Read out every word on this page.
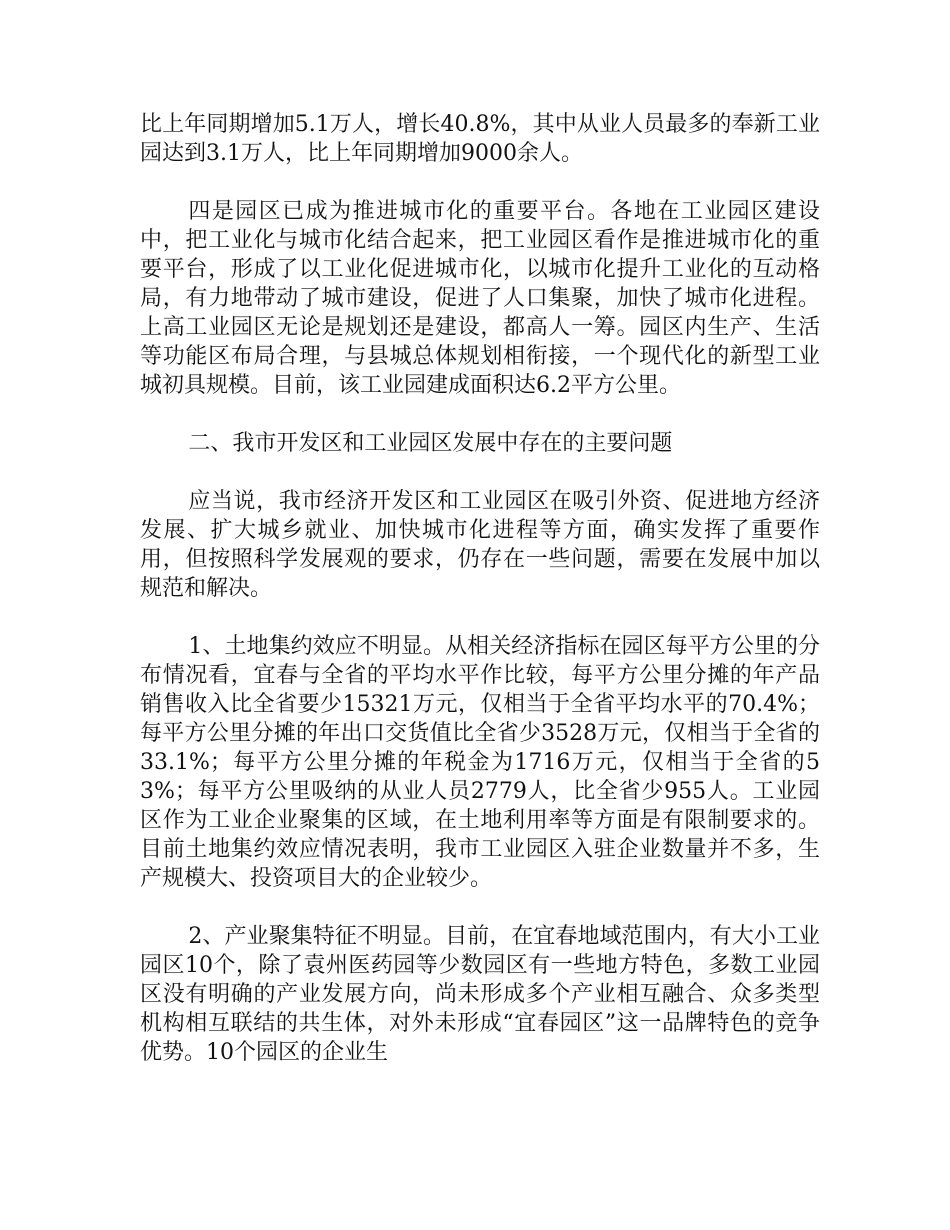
比上年同期增加5.1万人，增长40.8%，其中从业人员最多的奉新工业园达到3.1万人，比上年同期增加9000余人。

四是园区已成为推进城市化的重要平台。各地在工业园区建设中，把工业化与城市化结合起来，把工业园区看作是推进城市化的重要平台，形成了以工业化促进城市化，以城市化提升工业化的互动格局，有力地带动了城市建设，促进了人口集聚，加快了城市化进程。上高工业园区无论是规划还是建设，都高人一筹。园区内生产、生活等功能区布局合理，与县城总体规划相衔接，一个现代化的新型工业城初具规模。目前，该工业园建成面积达6.2平方公里。

二、我市开发区和工业园区发展中存在的主要问题

应当说，我市经济开发区和工业园区在吸引外资、促进地方经济发展、扩大城乡就业、加快城市化进程等方面，确实发挥了重要作用，但按照科学发展观的要求，仍存在一些问题，需要在发展中加以规范和解决。

1、土地集约效应不明显。从相关经济指标在园区每平方公里的分布情况看，宜春与全省的平均水平作比较，每平方公里分摊的年产品销售收入比全省要少15321万元，仅相当于全省平均水平的70.4%；每平方公里分摊的年出口交货值比全省少3528万元，仅相当于全省的33.1%；每平方公里分摊的年税金为1716万元，仅相当于全省的53%；每平方公里吸纳的从业人员2779人，比全省少955人。工业园区作为工业企业聚集的区域，在土地利用率等方面是有限制要求的。目前土地集约效应情况表明，我市工业园区入驻企业数量并不多，生产规模大、投资项目大的企业较少。

2、产业聚集特征不明显。目前，在宜春地域范围内，有大小工业园区10个，除了袁州医药园等少数园区有一些地方特色，多数工业园区没有明确的产业发展方向，尚未形成多个产业相互融合、众多类型机构相互联结的共生体，对外未形成“宜春园区”这一品牌特色的竞争优势。10个园区的企业生
